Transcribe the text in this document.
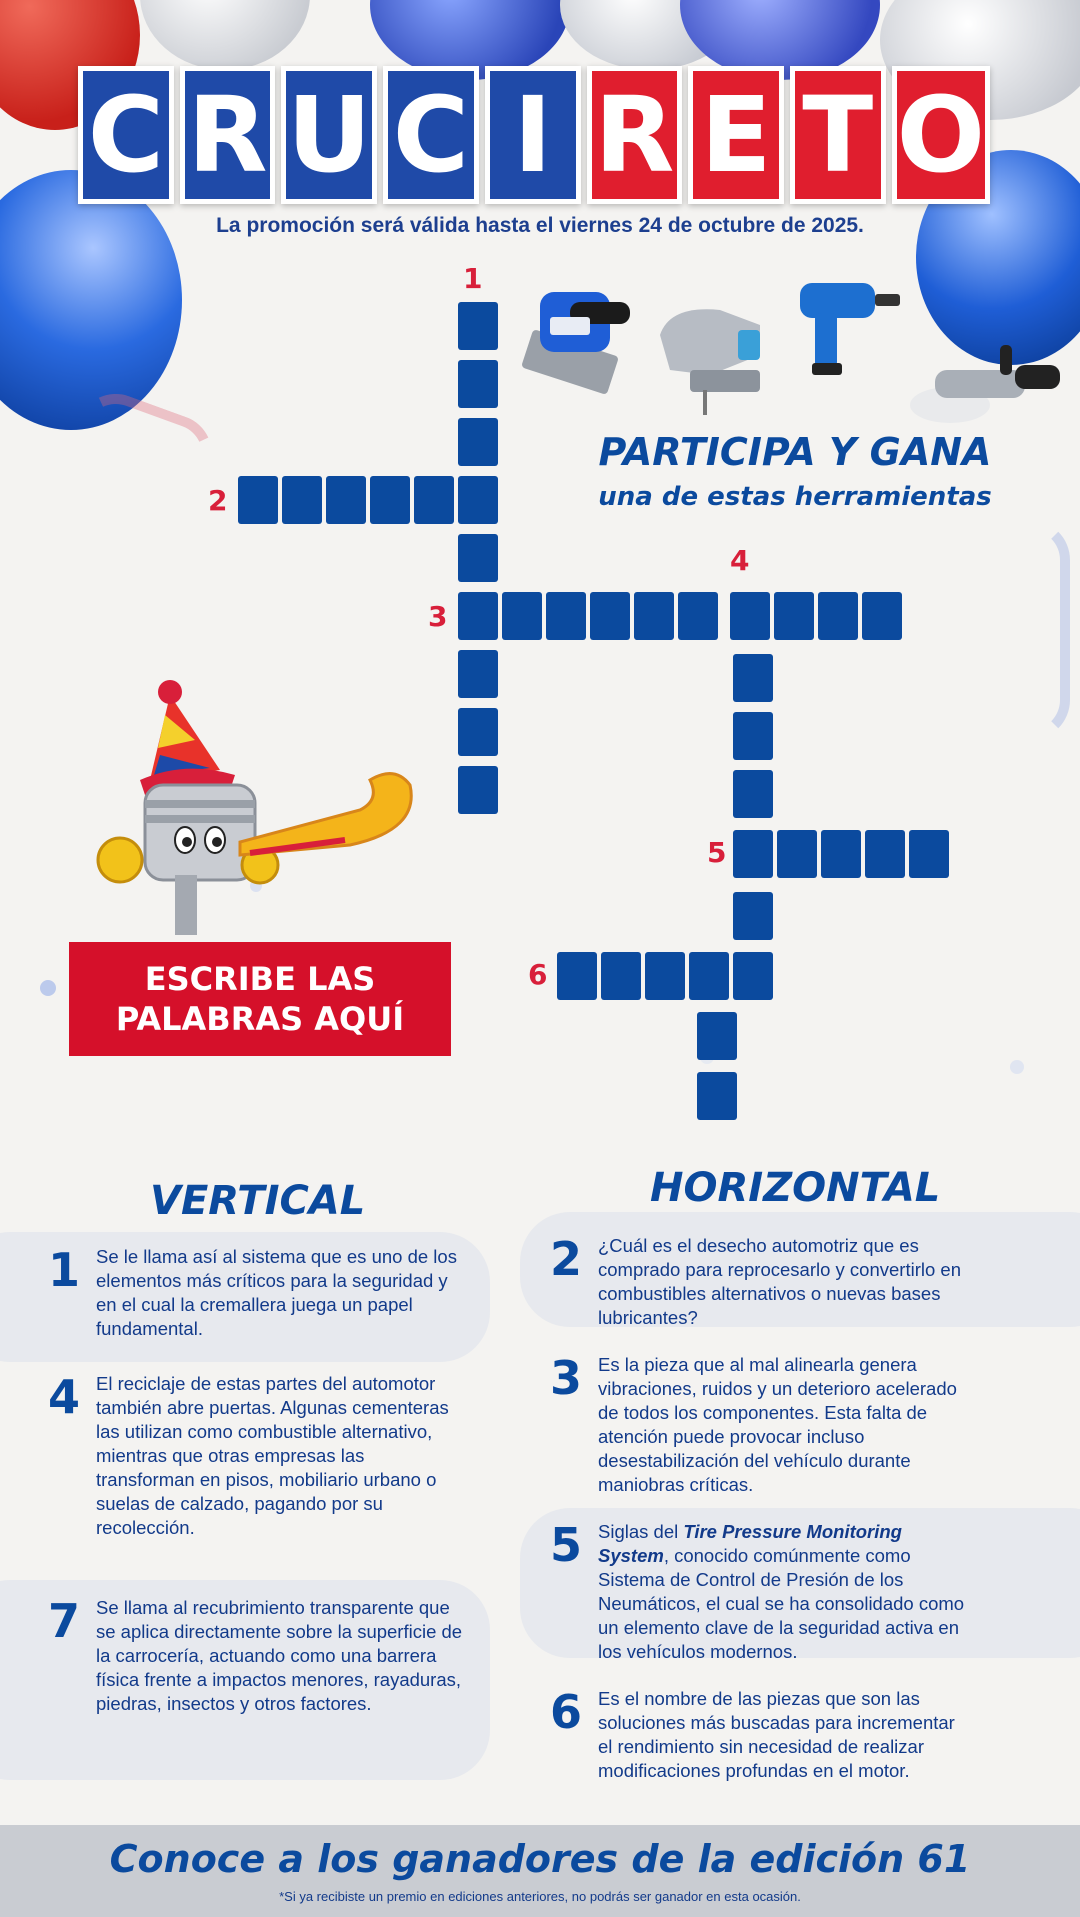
C R U C I R E T O
La promoción será válida hasta el viernes 24 de octubre de 2025.
PARTICIPA Y GANA
una de estas herramientas
1
2
3
4
5
6
ESCRIBE LAS
PALABRAS AQUÍ
VERTICAL	HORIZONTAL
1 Se le llama así al sistema que es uno de los elementos más críticos para la seguridad y en el cual la cremallera juega un papel fundamental.
4 El reciclaje de estas partes del automotor también abre puertas. Algunas cementeras las utilizan como combustible alternativo, mientras que otras empresas las transforman en pisos, mobiliario urbano o suelas de calzado, pagando por su recolección.
7 Se llama al recubrimiento transparente que se aplica directamente sobre la superficie de la carrocería, actuando como una barrera física frente a impactos menores, rayaduras, piedras, insectos y otros factores.
2 ¿Cuál es el desecho automotriz que es comprado para reprocesarlo y convertirlo en combustibles alternativos o nuevas bases lubricantes?
3 Es la pieza que al mal alinearla genera vibraciones, ruidos y un deterioro acelerado de todos los componentes. Esta falta de atención puede provocar incluso desestabilización del vehículo durante maniobras críticas.
5 Siglas del Tire Pressure Monitoring System, conocido comúnmente como Sistema de Control de Presión de los Neumáticos, el cual se ha consolidado como un elemento clave de la seguridad activa en los vehículos modernos.
6 Es el nombre de las piezas que son las soluciones más buscadas para incrementar el rendimiento sin necesidad de realizar modificaciones profundas en el motor.
Conoce a los ganadores de la edición 61
*Si ya recibiste un premio en ediciones anteriores, no podrás ser ganador en esta ocasión.
